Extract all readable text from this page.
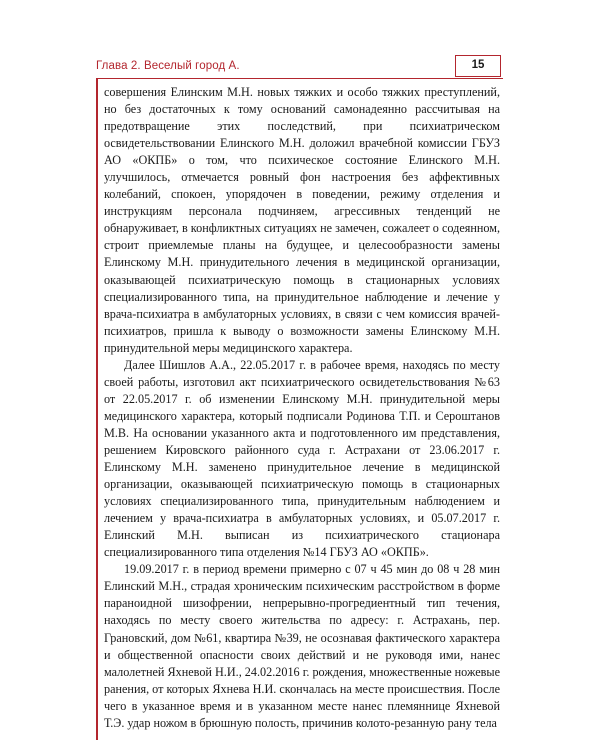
Глава 2. Веселый город А.	15

совершения Елинским М.Н. новых тяжких и особо тяжких преступлений, но без достаточных к тому оснований самонадеянно рассчитывая на предотвращение этих последствий, при психиатрическом освидетельствовании Елинского М.Н. доложил врачебной комиссии ГБУЗ АО «ОКПБ» о том, что психическое состояние Елинского М.Н. улучшилось, отмечается ровный фон настроения без аффективных колебаний, спокоен, упорядочен в поведении, режиму отделения и инструкциям персонала подчиняем, агрессивных тенденций не обнаруживает, в конфликтных ситуациях не замечен, сожалеет о содеянном, строит приемлемые планы на будущее, и целесообразности замены Елинскому М.Н. принудительного лечения в медицинской организации, оказывающей психиатрическую помощь в стационарных условиях специализированного типа, на принудительное наблюдение и лечение у врача-психиатра в амбулаторных условиях, в связи с чем комиссия врачей-психиатров, пришла к выводу о возможности замены Елинскому М.Н. принудительной меры медицинского характера.

Далее Шишлов А.А., 22.05.2017 г. в рабочее время, находясь по месту своей работы, изготовил акт психиатрического освидетельствования №63 от 22.05.2017 г. об изменении Елинскому М.Н. принудительной меры медицинского характера, который подписали Родинова Т.П. и Сероштанов М.В. На основании указанного акта и подготовленного им представления, решением Кировского районного суда г. Астрахани от 23.06.2017 г. Елинскому М.Н. заменено принудительное лечение в медицинской организации, оказывающей психиатрическую помощь в стационарных условиях специализированного типа, принудительным наблюдением и лечением у врача-психиатра в амбулаторных условиях, и 05.07.2017 г. Елинский М.Н. выписан из психиатрического стационара специализированного типа отделения №14 ГБУЗ АО «ОКПБ».

19.09.2017 г. в период времени примерно с 07 ч 45 мин до 08 ч 28 мин Елинский М.Н., страдая хроническим психическим расстройством в форме параноидной шизофрении, непрерывно-прогредиентный тип течения, находясь по месту своего жительства по адресу: г. Астрахань, пер. Грановский, дом №61, квартира №39, не осознавая фактического характера и общественной опасности своих действий и не руководя ими, нанес малолетней Яхневой Н.И., 24.02.2016 г. рождения, множественные ножевые ранения, от которых Яхнева Н.И. скончалась на месте происшествия. После чего в указанное время и в указанном месте нанес племяннице Яхневой Т.Э. удар ножом в брюшную полость, причинив колото-резанную рану тела
